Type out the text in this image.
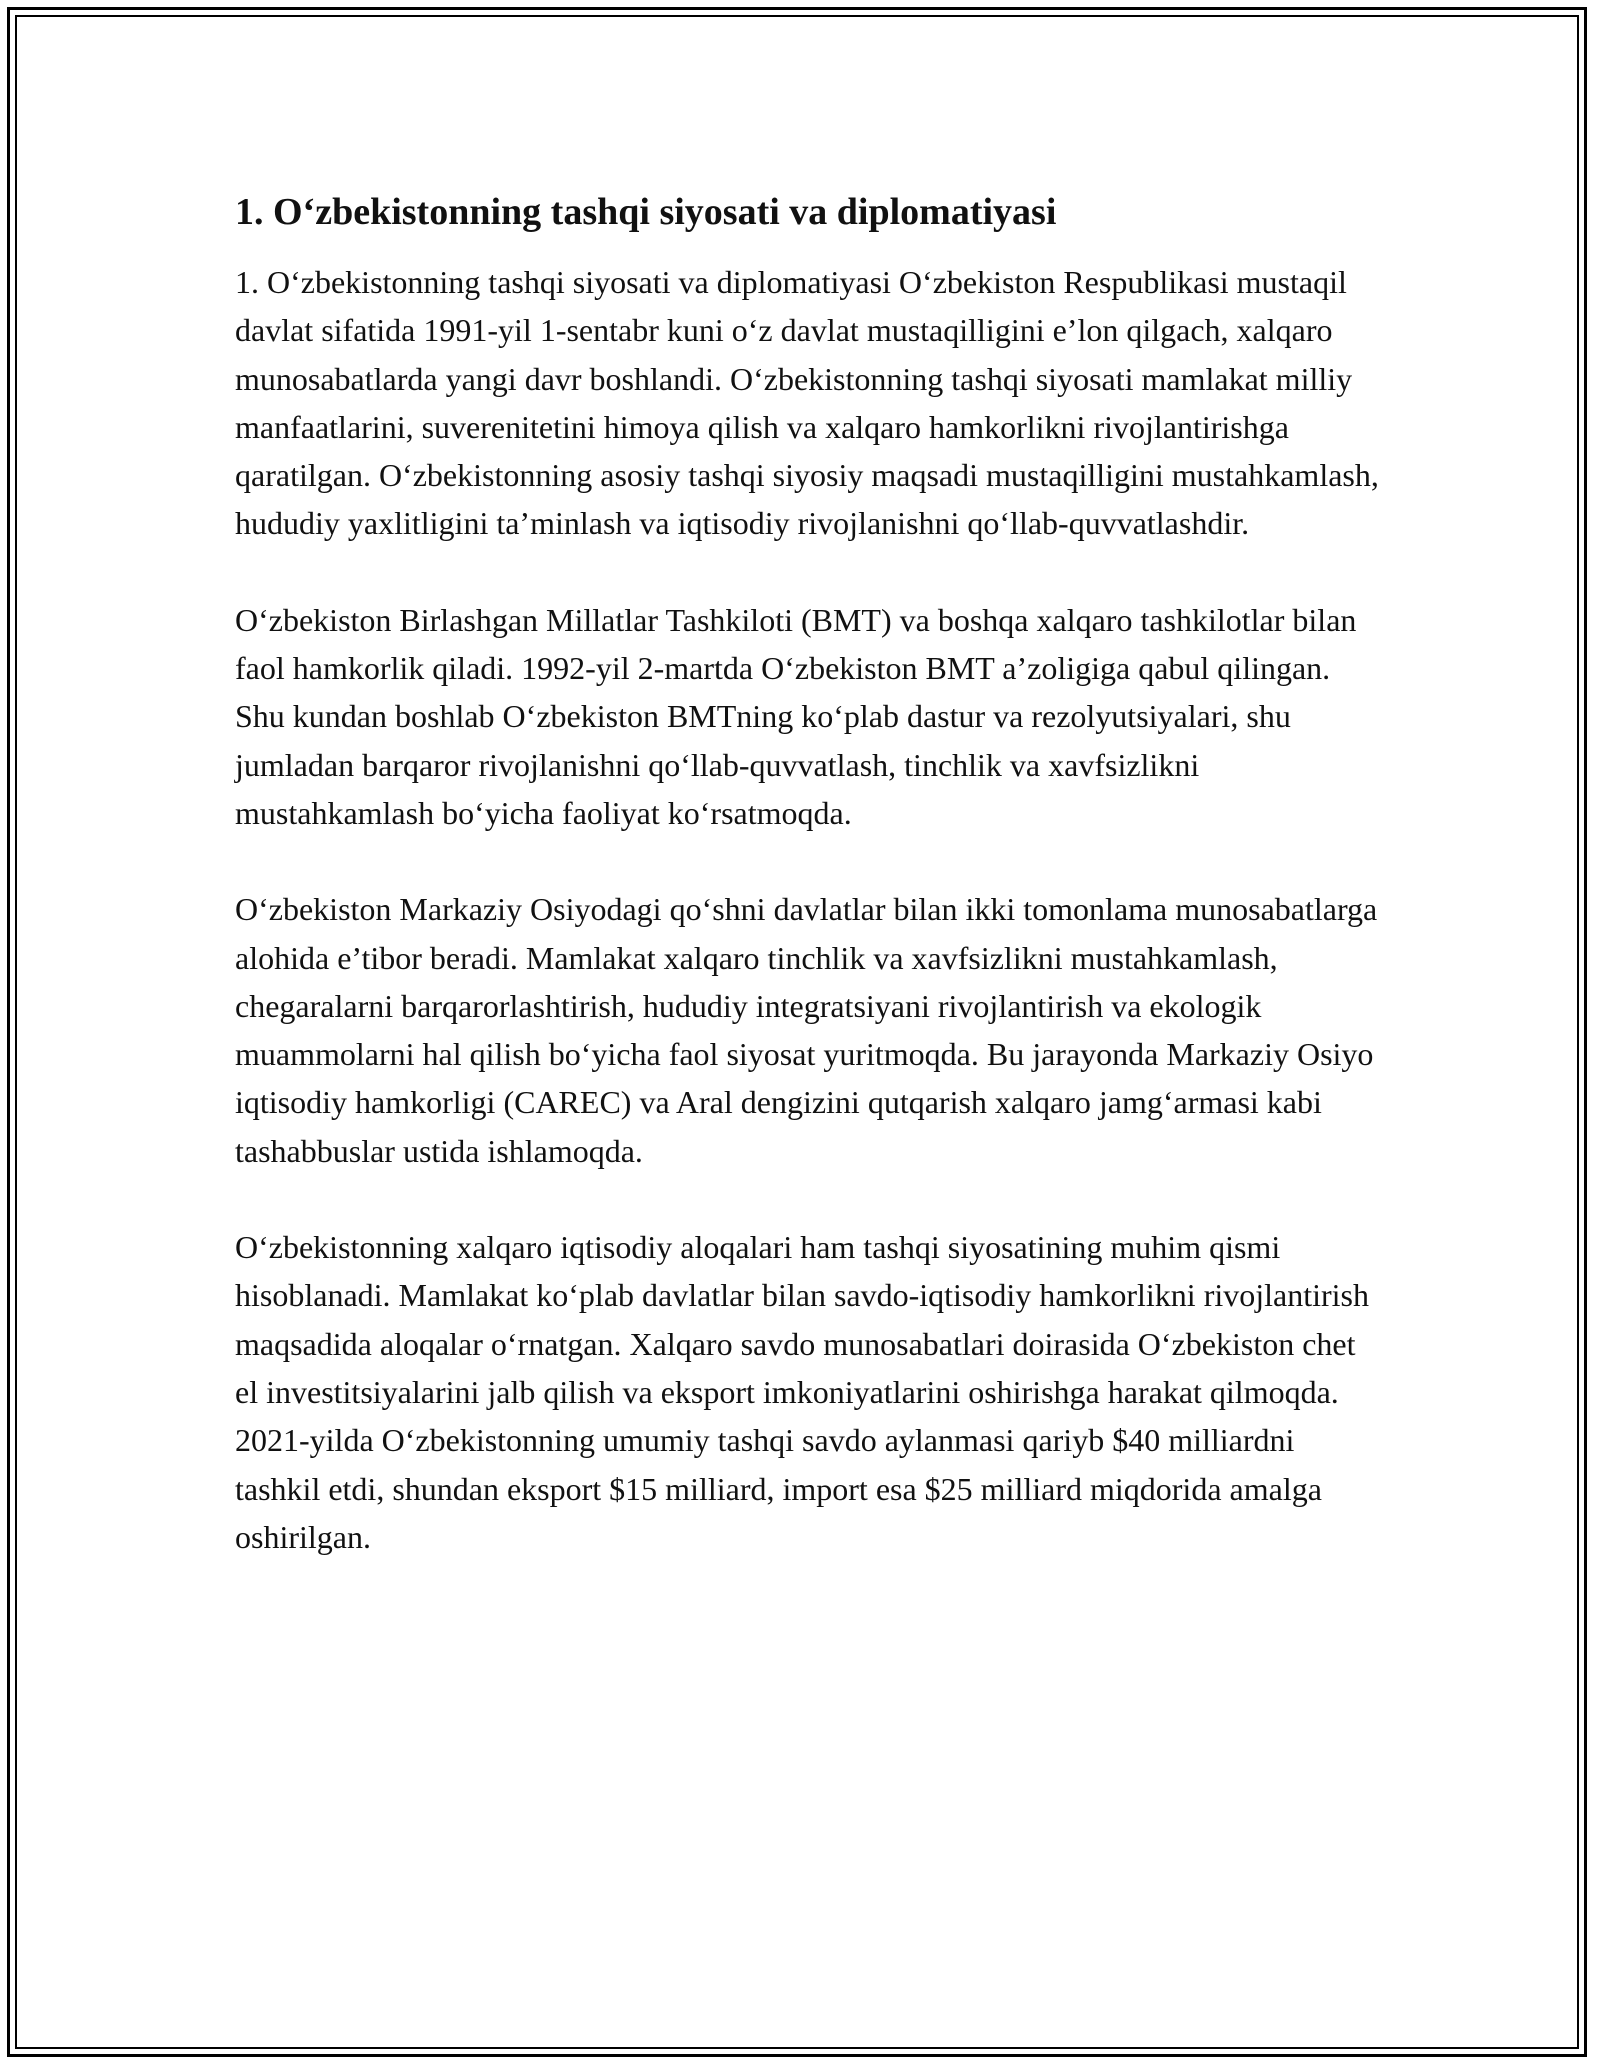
1. O‘zbekistonning tashqi siyosati va diplomatiyasi

1. O‘zbekistonning tashqi siyosati va diplomatiyasi O‘zbekiston Respublikasi mustaqil davlat sifatida 1991-yil 1-sentabr kuni o‘z davlat mustaqilligini e’lon qilgach, xalqaro munosabatlarda yangi davr boshlandi. O‘zbekistonning tashqi siyosati mamlakat milliy manfaatlarini, suverenitetini himoya qilish va xalqaro hamkorlikni rivojlantirishga qaratilgan. O‘zbekistonning asosiy tashqi siyosiy maqsadi mustaqilligini mustahkamlash, hududiy yaxlitligini ta’minlash va iqtisodiy rivojlanishni qo‘llab-quvvatlashdir.

O‘zbekiston Birlashgan Millatlar Tashkiloti (BMT) va boshqa xalqaro tashkilotlar bilan faol hamkorlik qiladi. 1992-yil 2-martda O‘zbekiston BMT a’zoligiga qabul qilingan. Shu kundan boshlab O‘zbekiston BMTning ko‘plab dastur va rezolyutsiyalari, shu jumladan barqaror rivojlanishni qo‘llab-quvvatlash, tinchlik va xavfsizlikni mustahkamlash bo‘yicha faoliyat ko‘rsatmoqda.

O‘zbekiston Markaziy Osiyodagi qo‘shni davlatlar bilan ikki tomonlama munosabatlarga alohida e’tibor beradi. Mamlakat xalqaro tinchlik va xavfsizlikni mustahkamlash, chegaralarni barqarorlashtirish, hududiy integratsiyani rivojlantirish va ekologik muammolarni hal qilish bo‘yicha faol siyosat yuritmoqda. Bu jarayonda Markaziy Osiyo iqtisodiy hamkorligi (CAREC) va Aral dengizini qutqarish xalqaro jamg‘armasi kabi tashabbuslar ustida ishlamoqda.

O‘zbekistonning xalqaro iqtisodiy aloqalari ham tashqi siyosatining muhim qismi hisoblanadi. Mamlakat ko‘plab davlatlar bilan savdo-iqtisodiy hamkorlikni rivojlantirish maqsadida aloqalar o‘rnatgan. Xalqaro savdo munosabatlari doirasida O‘zbekiston chet el investitsiyalarini jalb qilish va eksport imkoniyatlarini oshirishga harakat qilmoqda. 2021-yilda O‘zbekistonning umumiy tashqi savdo aylanmasi qariyb $40 milliardni tashkil etdi, shundan eksport $15 milliard, import esa $25 milliard miqdorida amalga oshirilgan.
